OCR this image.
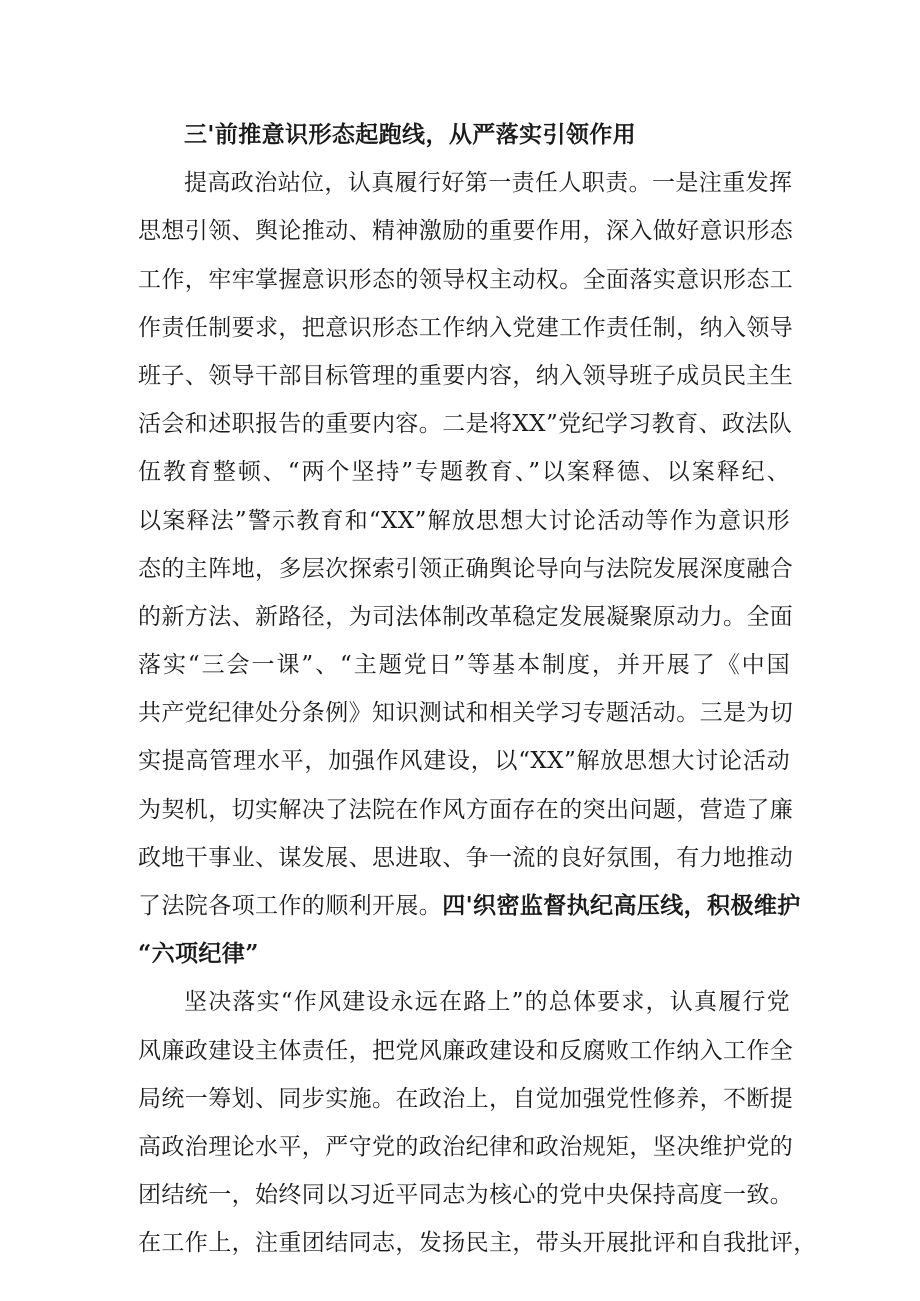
三'前推意识形态起跑线，从严落实引领作用
提高政治站位，认真履行好第一责任人职责。一是注重发挥
思想引领、舆论推动、精神激励的重要作用，深入做好意识形态
工作，牢牢掌握意识形态的领导权主动权。全面落实意识形态工
作责任制要求，把意识形态工作纳入党建工作责任制，纳入领导
班子、领导干部目标管理的重要内容，纳入领导班子成员民主生
活会和述职报告的重要内容。二是将XX”党纪学习教育、政法队
伍教育整顿、“两个坚持”专题教育、”以案释德、以案释纪、
以案释法”警示教育和“XX”解放思想大讨论活动等作为意识形
态的主阵地，多层次探索引领正确舆论导向与法院发展深度融合
的新方法、新路径，为司法体制改革稳定发展凝聚原动力。全面
落实“三会一课”、“主题党日”等基本制度，并开展了《中国
共产党纪律处分条例》知识测试和相关学习专题活动。三是为切
实提高管理水平，加强作风建设，以“XX”解放思想大讨论活动
为契机，切实解决了法院在作风方面存在的突出问题，营造了廉
政地干事业、谋发展、思进取、争一流的良好氛围，有力地推动
了法院各项工作的顺利开展。四'织密监督执纪高压线，积极维护
“六项纪律”
坚决落实“作风建设永远在路上”的总体要求，认真履行党
风廉政建设主体责任，把党风廉政建设和反腐败工作纳入工作全
局统一筹划、同步实施。在政治上，自觉加强党性修养，不断提
高政治理论水平，严守党的政治纪律和政治规矩，坚决维护党的
团结统一，始终同以习近平同志为核心的党中央保持高度一致。
在工作上，注重团结同志，发扬民主，带头开展批评和自我批评，
